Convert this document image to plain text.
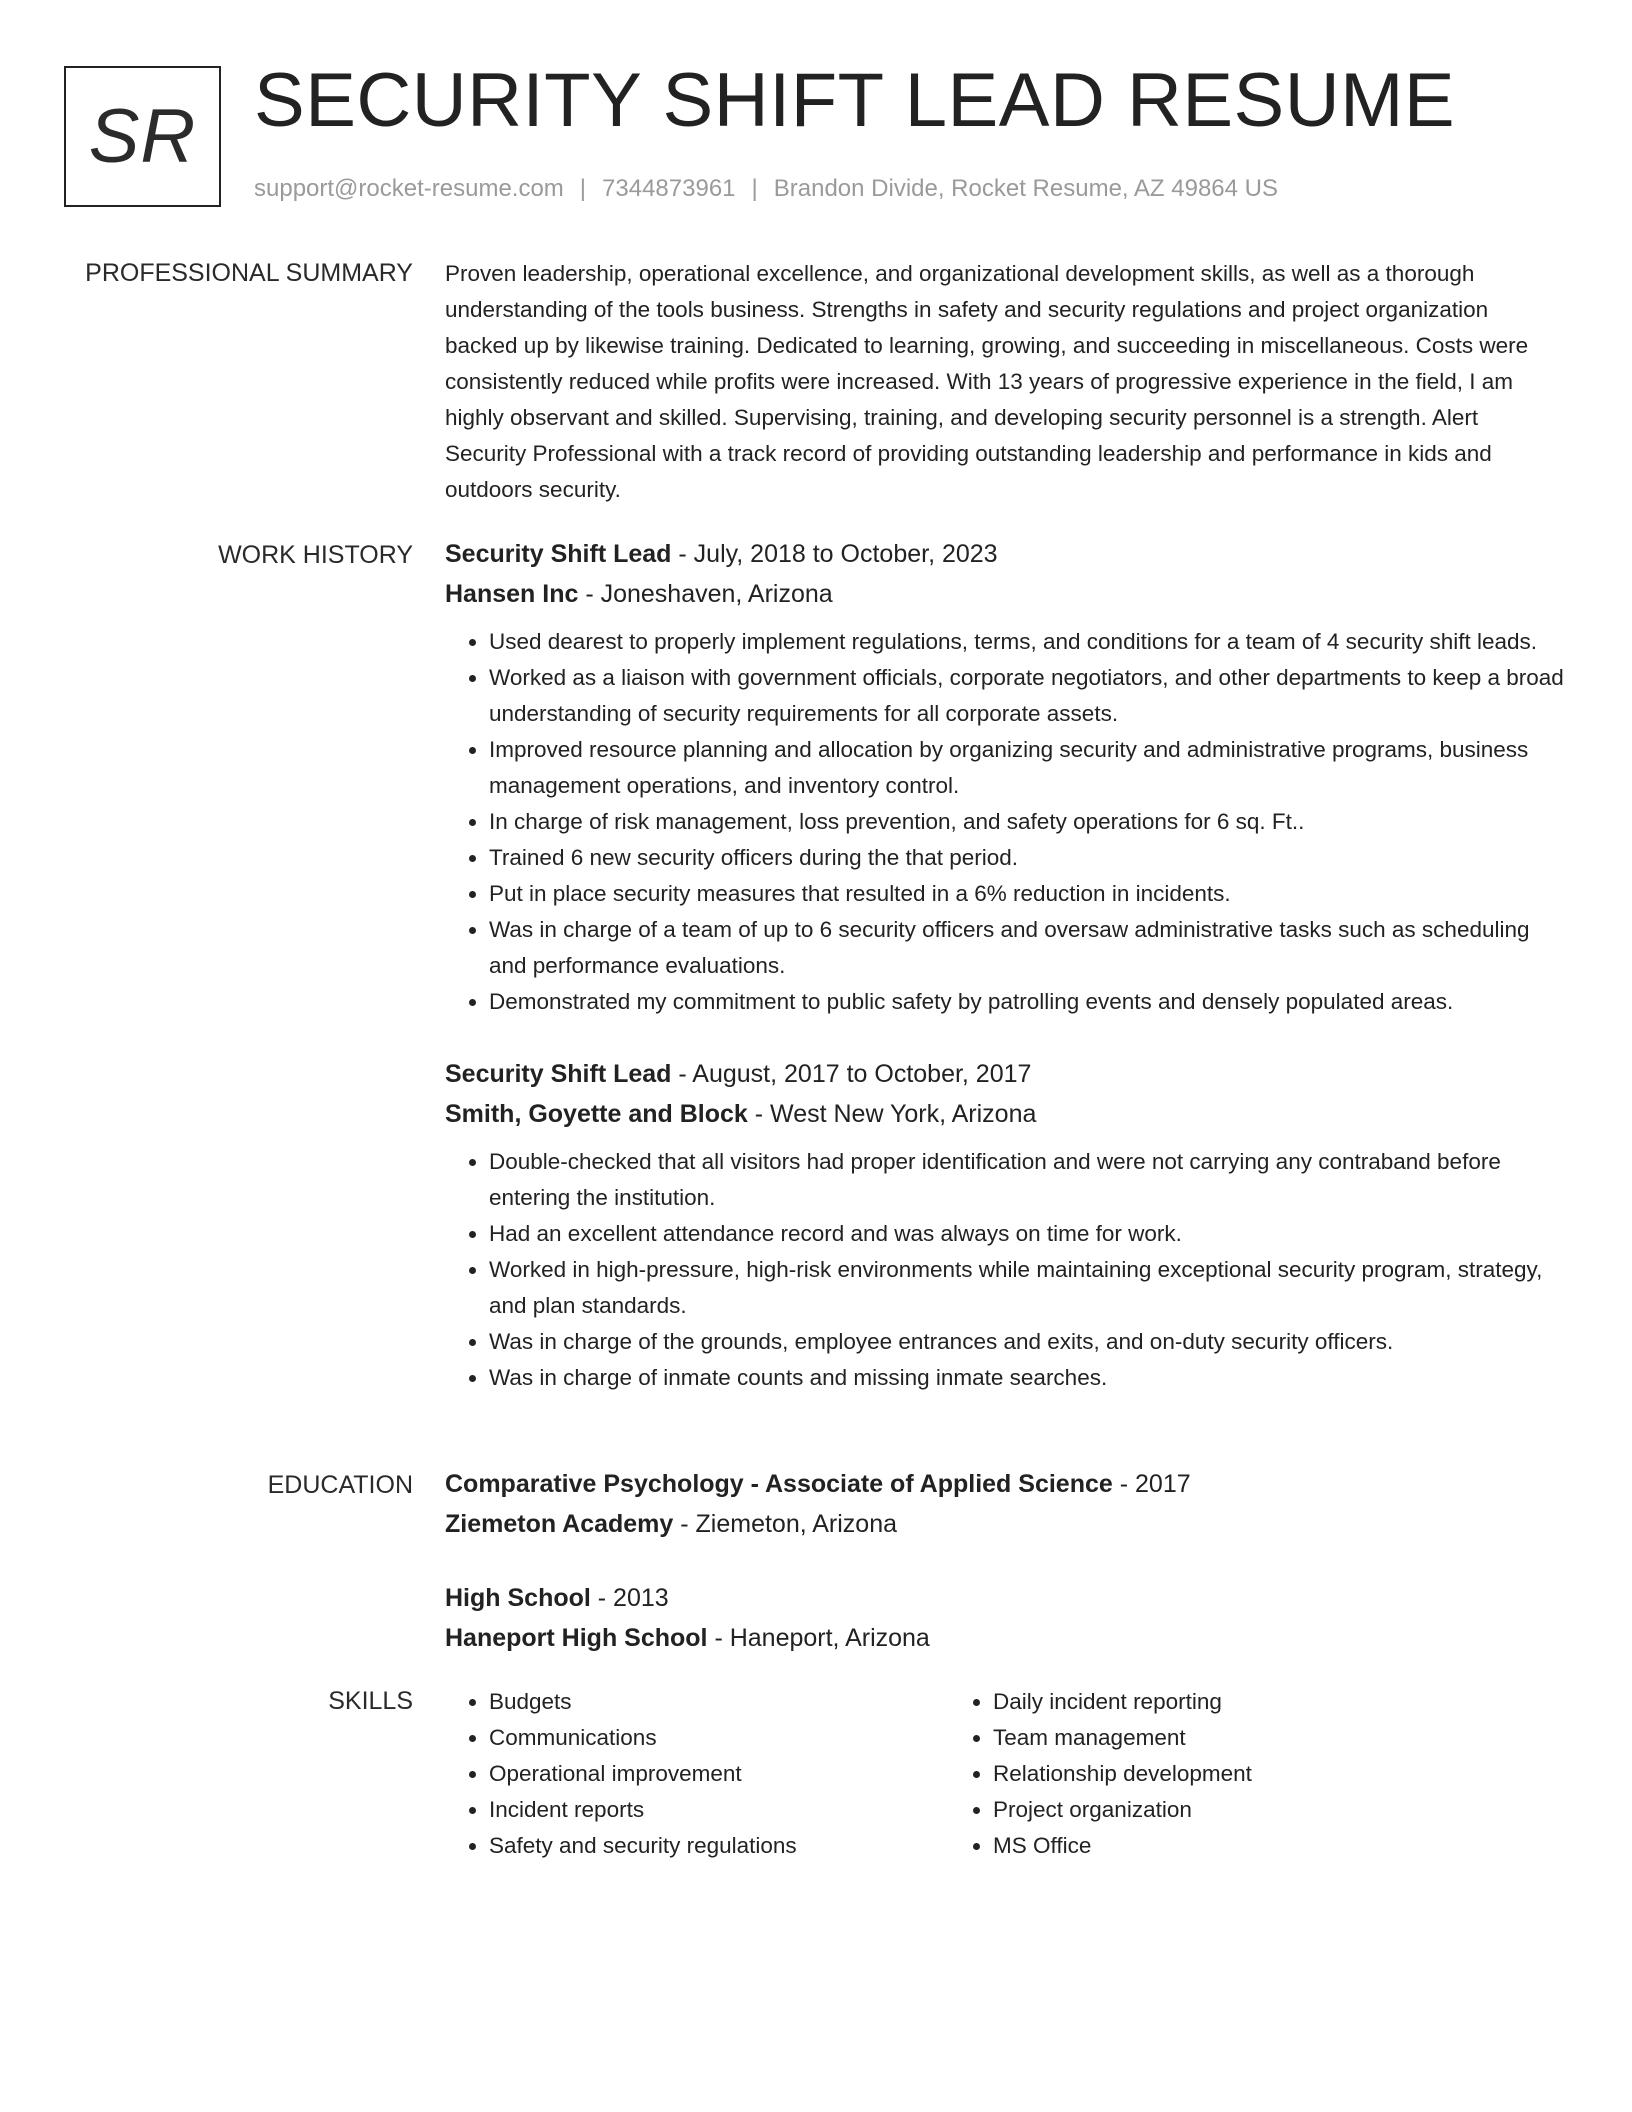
SR SECURITY SHIFT LEAD RESUME
support@rocket-resume.com | 7344873961 | Brandon Divide, Rocket Resume, AZ 49864 US
PROFESSIONAL SUMMARY Proven leadership, operational excellence, and organizational development skills, as well as a thorough understanding of the tools business. Strengths in safety and security regulations and project organization backed up by likewise training. Dedicated to learning, growing, and succeeding in miscellaneous. Costs were consistently reduced while profits were increased. With 13 years of progressive experience in the field, I am highly observant and skilled. Supervising, training, and developing security personnel is a strength. Alert Security Professional with a track record of providing outstanding leadership and performance in kids and outdoors security.

WORK HISTORY Security Shift Lead - July, 2018 to October, 2023
Hansen Inc - Joneshaven, Arizona
• Used dearest to properly implement regulations, terms, and conditions for a team of 4 security shift leads.
• Worked as a liaison with government officials, corporate negotiators, and other departments to keep a broad understanding of security requirements for all corporate assets.
• Improved resource planning and allocation by organizing security and administrative programs, business management operations, and inventory control.
• In charge of risk management, loss prevention, and safety operations for 6 sq. Ft..
• Trained 6 new security officers during the that period.
• Put in place security measures that resulted in a 6% reduction in incidents.
• Was in charge of a team of up to 6 security officers and oversaw administrative tasks such as scheduling and performance evaluations.
• Demonstrated my commitment to public safety by patrolling events and densely populated areas.
Security Shift Lead - August, 2017 to October, 2017
Smith, Goyette and Block - West New York, Arizona
• Double-checked that all visitors had proper identification and were not carrying any contraband before entering the institution.
• Had an excellent attendance record and was always on time for work.
• Worked in high-pressure, high-risk environments while maintaining exceptional security program, strategy, and plan standards.
• Was in charge of the grounds, employee entrances and exits, and on-duty security officers.
• Was in charge of inmate counts and missing inmate searches.
EDUCATION Comparative Psychology - Associate of Applied Science - 2017
Ziemeton Academy - Ziemeton, Arizona
High School - 2013
Haneport High School - Haneport, Arizona
SKILLS
•	Budgets
• Communications
• Operational improvement
• Incident reports
• Safety and security regulations
• Daily incident reporting
• Team management
• Relationship development
• Project organization
• MS Office
